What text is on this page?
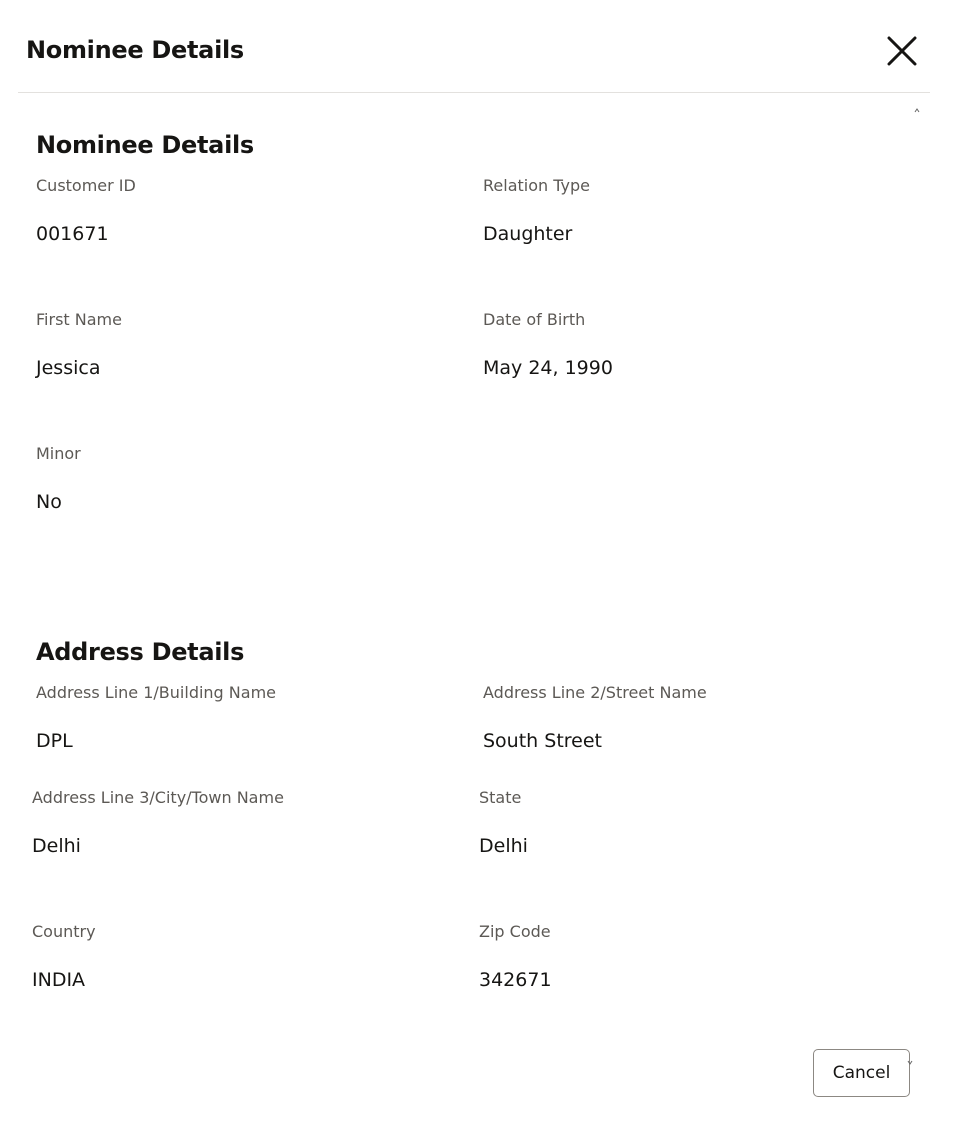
Nominee Details
Nominee Details
Customer ID
001671
Relation Type
Daughter
First Name
Jessica
Date of Birth
May 24, 1990
Minor
No
Address Details
Address Line 1/Building Name
DPL
Address Line 2/Street Name
South Street
Address Line 3/City/Town Name
Delhi
State
Delhi
Country
INDIA
Zip Code
342671
Cancel
